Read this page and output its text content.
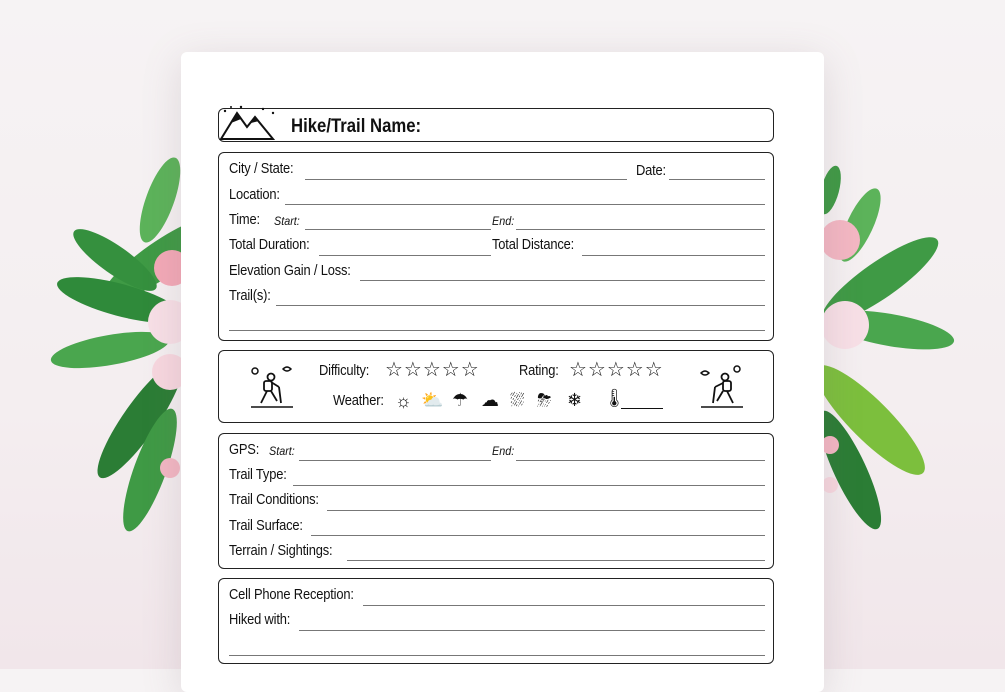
Hike/Trail Name:
City / State:	Date:
Location:
Time: Start:	End:
Total Duration:	Total Distance:
Elevation Gain / Loss:
Trail(s):
Difficulty: ☆☆☆☆☆	Rating: ☆☆☆☆☆
Weather: ☼ ⛅ ☂ ☁ ⛆ ⛈ ❄ 🌡
GPS: Start:	End:
Trail Type:
Trail Conditions:
Trail Surface:
Terrain / Sightings:
Cell Phone Reception:
Hiked with:
